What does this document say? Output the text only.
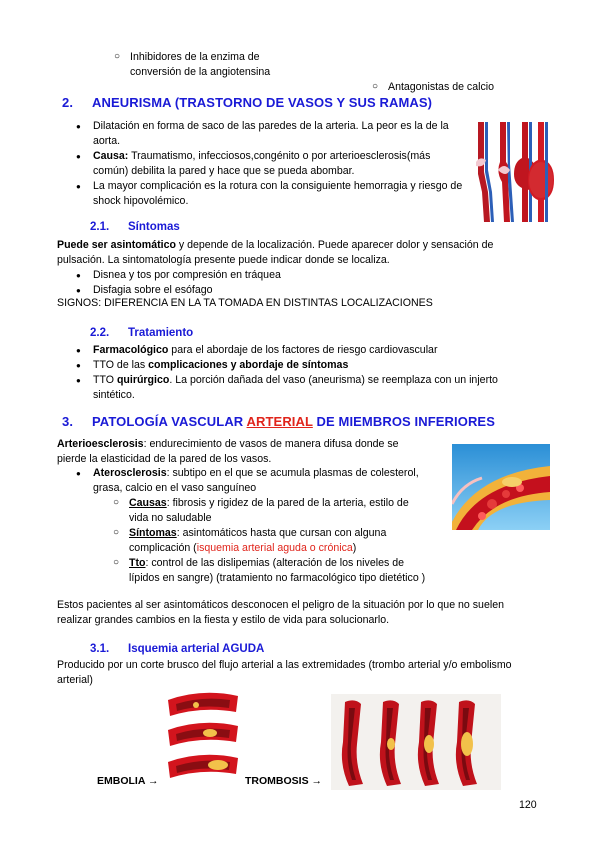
○ Inhibidores de la enzima de conversión de la angiotensina
○ Antagonistas de calcio
2. ANEURISMA (TRASTORNO DE VASOS Y SUS RAMAS)
● Dilatación en forma de saco de las paredes de la arteria. La peor es la de la aorta.
● Causa: Traumatismo, infecciosos,congénito o por arterioesclerosis(más común) debilita la pared y hace que se pueda abombar.
● La mayor complicación es la rotura con la consiguiente hemorragia y riesgo de shock hipovolémico.
2.1. Síntomas
Puede ser asintomático y depende de la localización. Puede aparecer dolor y sensación de pulsación. La sintomatología presente puede indicar donde se localiza.
● Disnea y tos por compresión en tráquea
● Disfagia sobre el esófago
SIGNOS: DIFERENCIA EN LA TA TOMADA EN DISTINTAS LOCALIZACIONES
2.2. Tratamiento
● Farmacológico para el abordaje de los factores de riesgo cardiovascular
● TTO de las complicaciones y abordaje de síntomas
● TTO quirúrgico. La porción dañada del vaso (aneurisma) se reemplaza con un injerto sintético.
3. PATOLOGÍA VASCULAR ARTERIAL DE MIEMBROS INFERIORES
Arterioesclerosis: endurecimiento de vasos de manera difusa donde se pierde la elasticidad de la pared de los vasos.
● Aterosclerosis: subtipo en el que se acumula plasmas de colesterol, grasa, calcio en el vaso sanguíneo
○ Causas: fibrosis y rigidez de la pared de la arteria, estilo de vida no saludable
○ Síntomas: asintomáticos hasta que cursan con alguna complicación (isquemia arterial aguda o crónica)
○ Tto: control de las dislipemias (alteración de los niveles de lípidos en sangre) (tratamiento no farmacológico tipo dietético )
Estos pacientes al ser asintomáticos desconocen el peligro de la situación por lo que no suelen realizar grandes cambios en la fiesta y estilo de vida para solucionarlo.
3.1. Isquemia arterial AGUDA
Producido por un corte brusco del flujo arterial a las extremidades (trombo arterial y/o embolismo arterial)
EMBOLIA →	TROMBOSIS →
120
